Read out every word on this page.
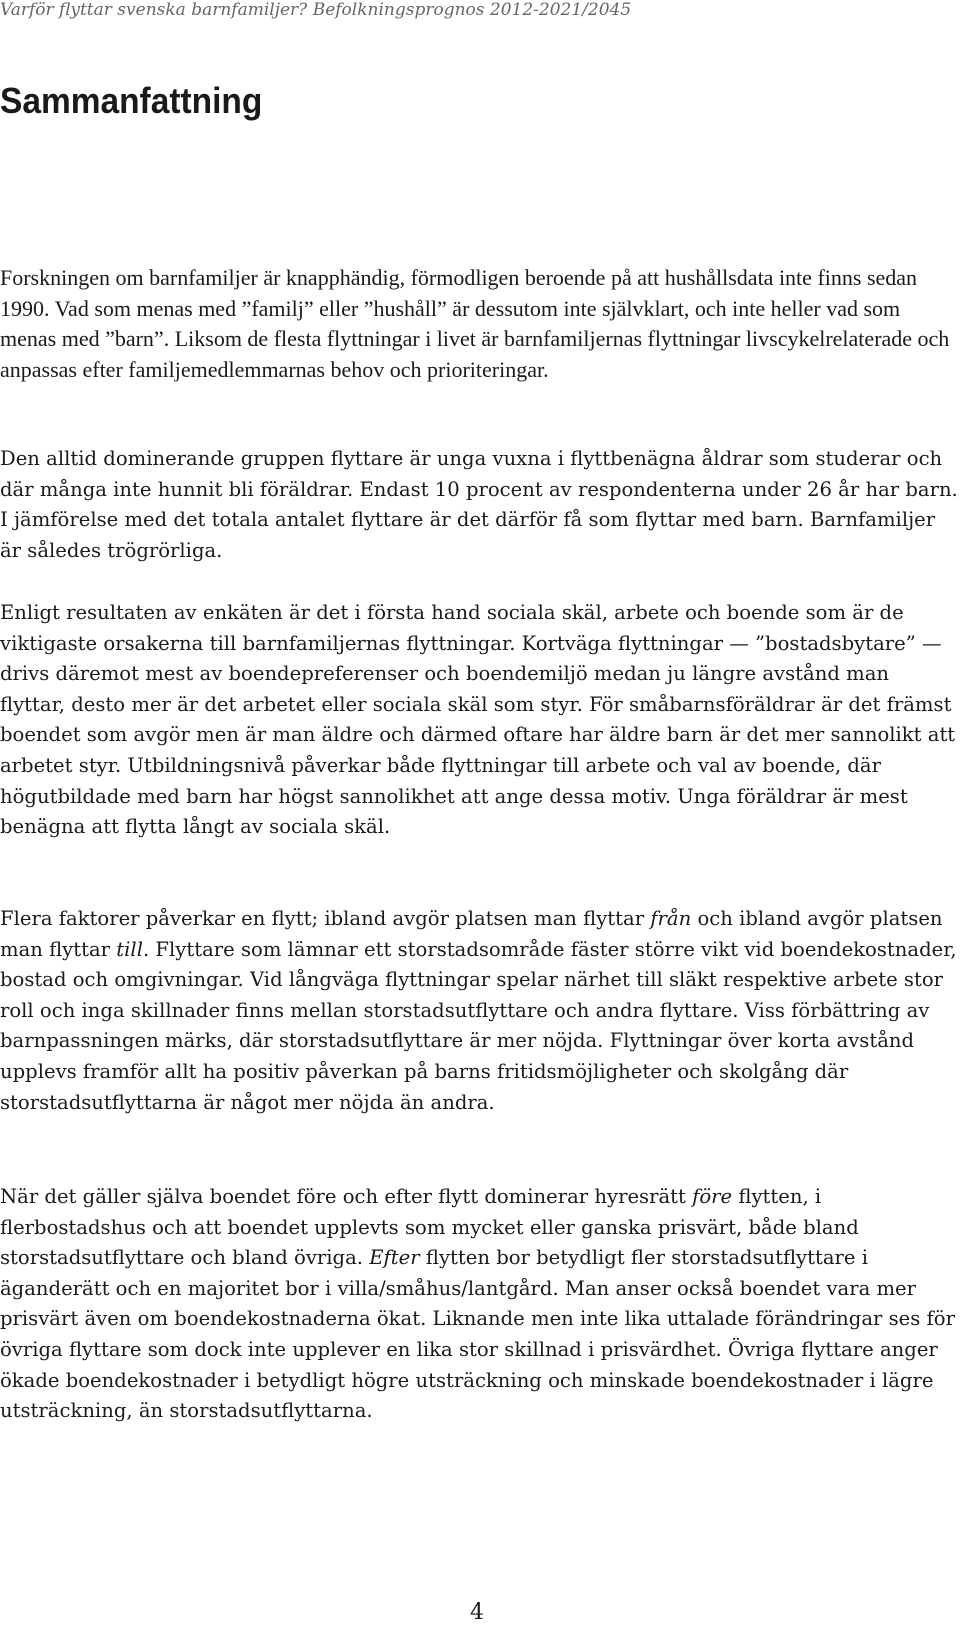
Varför flyttar svenska barnfamiljer? Befolkningsprognos 2012-2021/2045
Sammanfattning

Forskningen om barnfamiljer är knapphändig, förmodligen beroende på att hushållsdata inte finns sedan 1990. Vad som menas med ”familj” eller ”hushåll” är dessutom inte självklart, och inte heller vad som menas med ”barn”. Liksom de flesta flyttningar i livet är barnfamiljernas flyttningar livscykelrelaterade och anpassas efter familjemedlemmarnas behov och prioriteringar.

Den alltid dominerande gruppen flyttare är unga vuxna i flyttbenägna åldrar som studerar och där många inte hunnit bli föräldrar. Endast 10 procent av respondenterna under 26 år har barn. I jämförelse med det totala antalet flyttare är det därför få som flyttar med barn. Barnfamiljer är således trögrörliga.

Enligt resultaten av enkäten är det i första hand sociala skäl, arbete och boende som är de viktigaste orsakerna till barnfamiljernas flyttningar. Kortväga flyttningar — ”bostadsbytare” — drivs däremot mest av boendepreferenser och boendemiljö medan ju längre avstånd man flyttar, desto mer är det arbetet eller sociala skäl som styr. För småbarnsföräldrar är det främst boendet som avgör men är man äldre och därmed oftare har äldre barn är det mer sannolikt att arbetet styr. Utbildningsnivå påverkar både flyttningar till arbete och val av boende, där högutbildade med barn har högst sannolikhet att ange dessa motiv. Unga föräldrar är mest benägna att flytta långt av sociala skäl.

Flera faktorer påverkar en flytt; ibland avgör platsen man flyttar från och ibland avgör platsen man flyttar till. Flyttare som lämnar ett storstadsområde fäster större vikt vid boendekostnader, bostad och omgivningar. Vid långväga flyttningar spelar närhet till släkt respektive arbete stor roll och inga skillnader finns mellan storstadsutflyttare och andra flyttare. Viss förbättring av barnpassningen märks, där storstadsutflyttare är mer nöjda. Flyttningar över korta avstånd upplevs framför allt ha positiv påverkan på barns fritidsmöjligheter och skolgång där storstadsutflyttarna är något mer nöjda än andra.

När det gäller själva boendet före och efter flytt dominerar hyresrätt före flytten, i flerbostadshus och att boendet upplevts som mycket eller ganska prisvärt, både bland storstadsutflyttare och bland övriga. Efter flytten bor betydligt fler storstadsutflyttare i äganderätt och en majoritet bor i villa/småhus/lantgård. Man anser också boendet vara mer prisvärt även om boendekostnaderna ökat. Liknande men inte lika uttalade förändringar ses för övriga flyttare som dock inte upplever en lika stor skillnad i prisvärdhet. Övriga flyttare anger ökade boendekostnader i betydligt högre utsträckning och minskade boendekostnader i lägre utsträckning, än storstadsutflyttarna.

4
